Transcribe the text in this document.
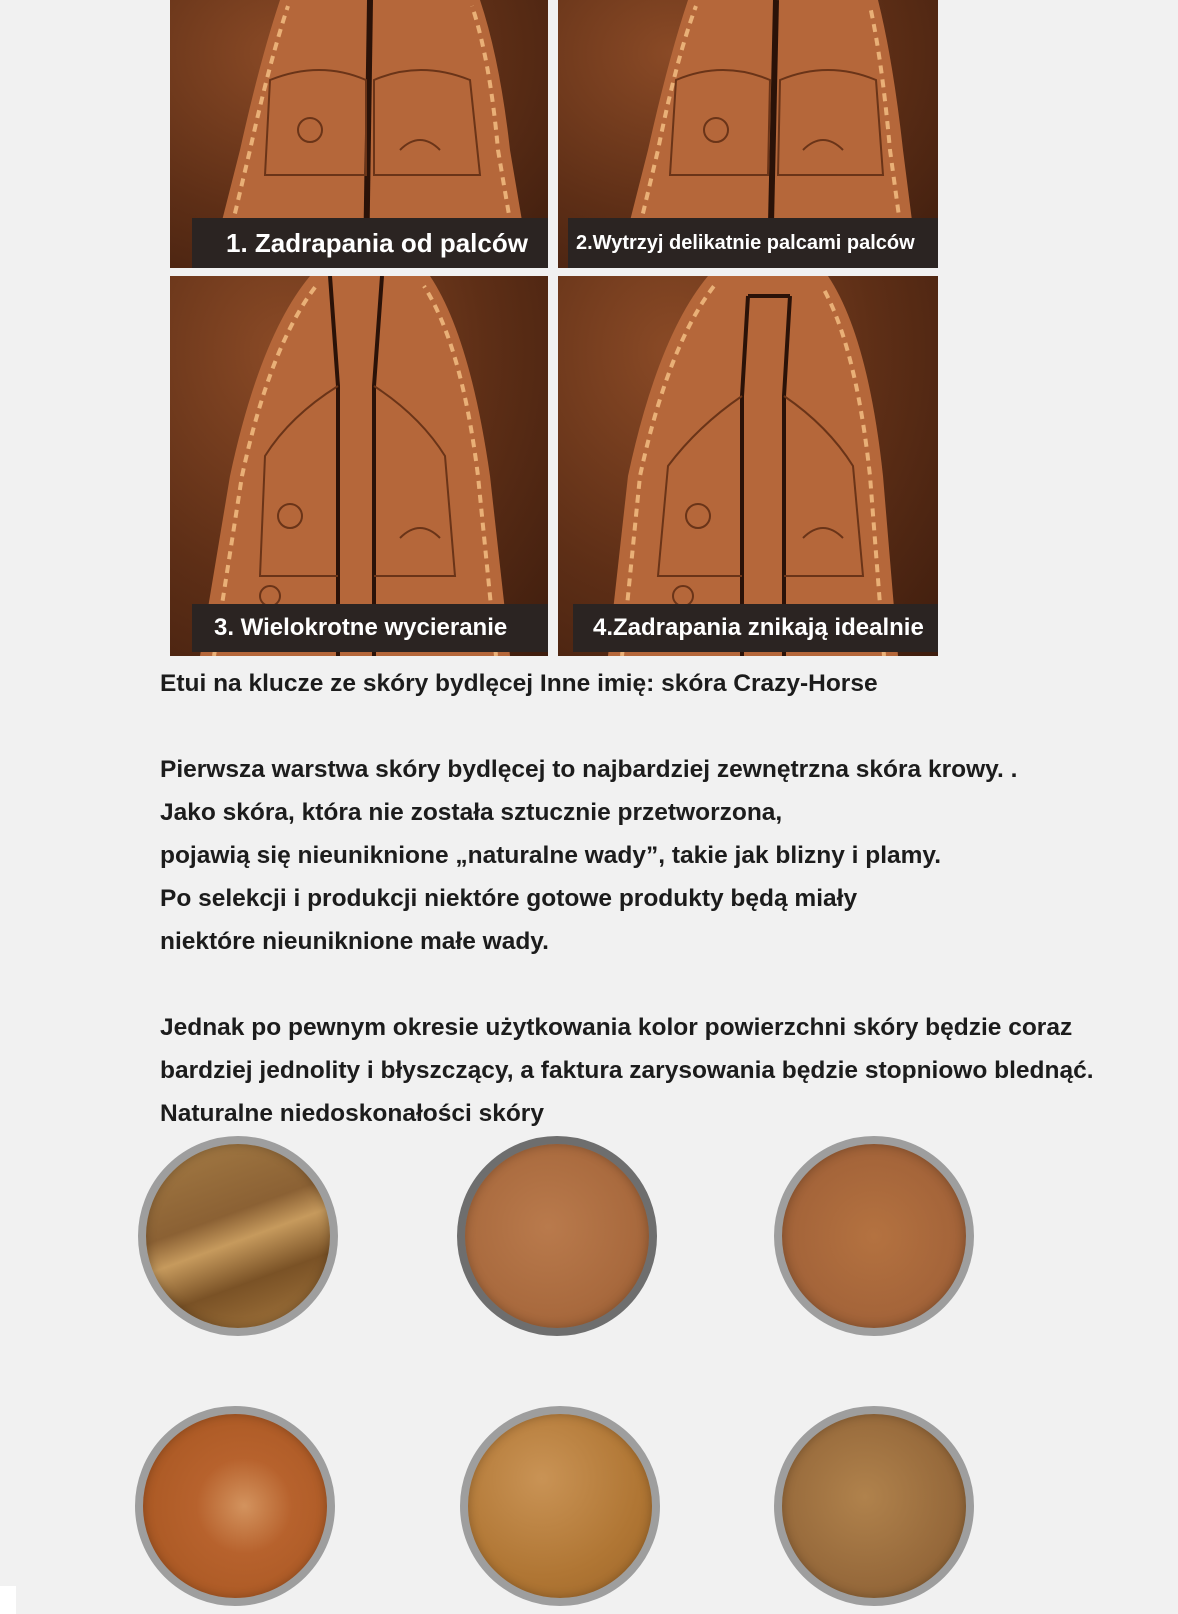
1. Zadrapania od palców	2.Wytrzyj delikatnie palcami palców
3. Wielokrotne wycieranie	4.Zadrapania znikają idealnie

Etui na klucze ze skóry bydlęcej Inne imię: skóra Crazy-Horse

Pierwsza warstwa skóry bydlęcej to najbardziej zewnętrzna skóra krowy. .

Jako skóra, która nie została sztucznie przetworzona,

pojawią się nieuniknione „naturalne wady”, takie jak blizny i plamy.

Po selekcji i produkcji niektóre gotowe produkty będą miały

niektóre nieuniknione małe wady.

Jednak po pewnym okresie użytkowania kolor powierzchni skóry będzie coraz

bardziej jednolity i błyszczący, a faktura zarysowania będzie stopniowo blednąć.

Naturalne niedoskonałości skóry
